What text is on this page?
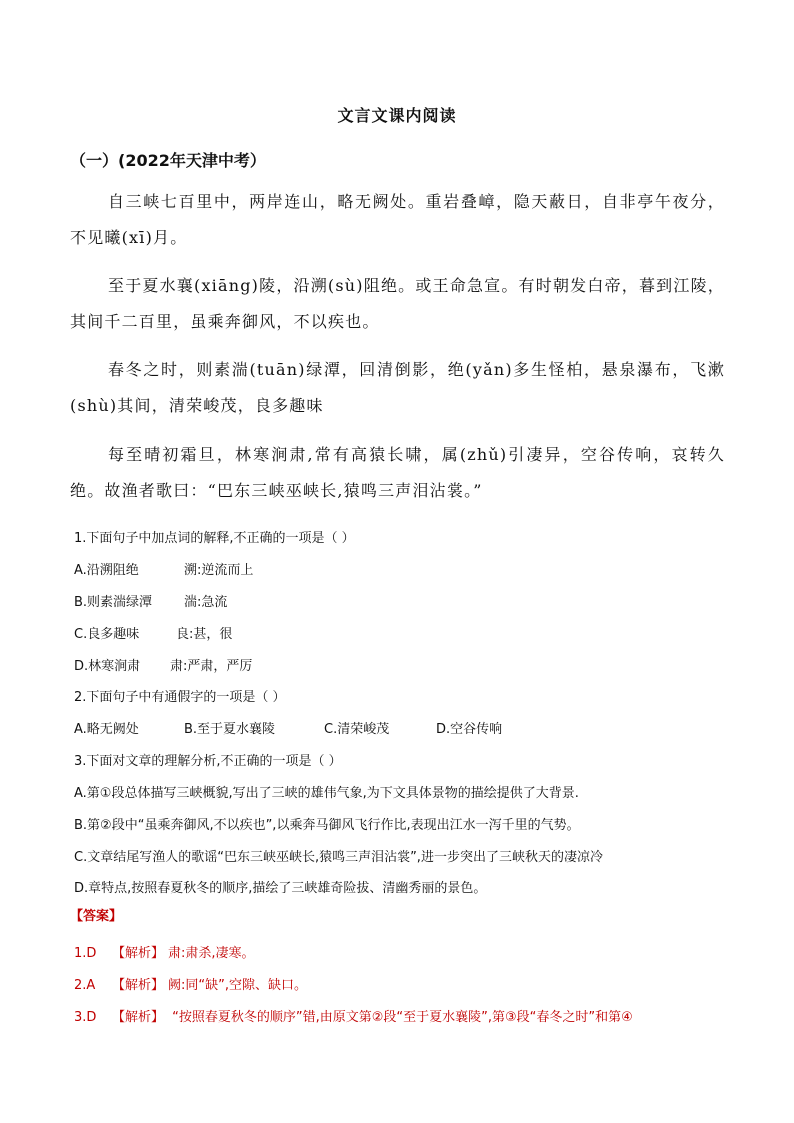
文言文课内阅读
（一）(2022年天津中考）
自三峡七百里中，两岸连山，略无阙处。重岩叠嶂，隐天蔽日，自非亭午夜分，不见曦(xī)月。
至于夏水襄(xiāng)陵，沿溯(sù)阻绝。或王命急宣。有时朝发白帝，暮到江陵，其间千二百里，虽乘奔御风，不以疾也。
春冬之时，则素湍(tuān)绿潭，回清倒影，绝(yǎn)多生怪柏，悬泉瀑布，飞漱(shù)其间，清荣峻茂，良多趣味
每至晴初霜旦，林寒涧肃,常有高猿长啸，属(zhǔ)引凄异，空谷传响，哀转久绝。故渔者歌曰：“巴东三峡巫峡长,猿鸣三声泪沾裳。”
1.下面句子中加点词的解释,不正确的一项是（ ）
A.沿溯阻绝	溯:逆流而上
B.则素湍绿潭 湍:急流
C.良多趣味	良:甚，很
D.林寒涧肃 肃:严肃，严厉
2.下面句子中有通假字的一项是（ ）
A.略无阙处	B.至于夏水襄陵	C.清荣峻茂	D.空谷传响
3.下面对文章的理解分析,不正确的一项是（ ）
A.第①段总体描写三峡概貌,写出了三峡的雄伟气象,为下文具体景物的描绘提供了大背景.
B.第②段中“虽乘奔御风,不以疾也”,以乘奔马御风飞行作比,表现出江水一泻千里的气势。
C.文章结尾写渔人的歌谣“巴东三峡巫峡长,猿鸣三声泪沾裳”,进一步突出了三峡秋天的凄凉冷
D.章特点,按照春夏秋冬的顺序,描绘了三峡雄奇险拔、清幽秀丽的景色。
【答案】
1.D 【解析】 肃:肃杀,凄寒。
2.A 【解析】 阙:同“缺”,空隙、缺口。
3.D 【解析】 “按照春夏秋冬的顺序”错,由原文第②段“至于夏水襄陵”,第③段“春冬之时”和第④
